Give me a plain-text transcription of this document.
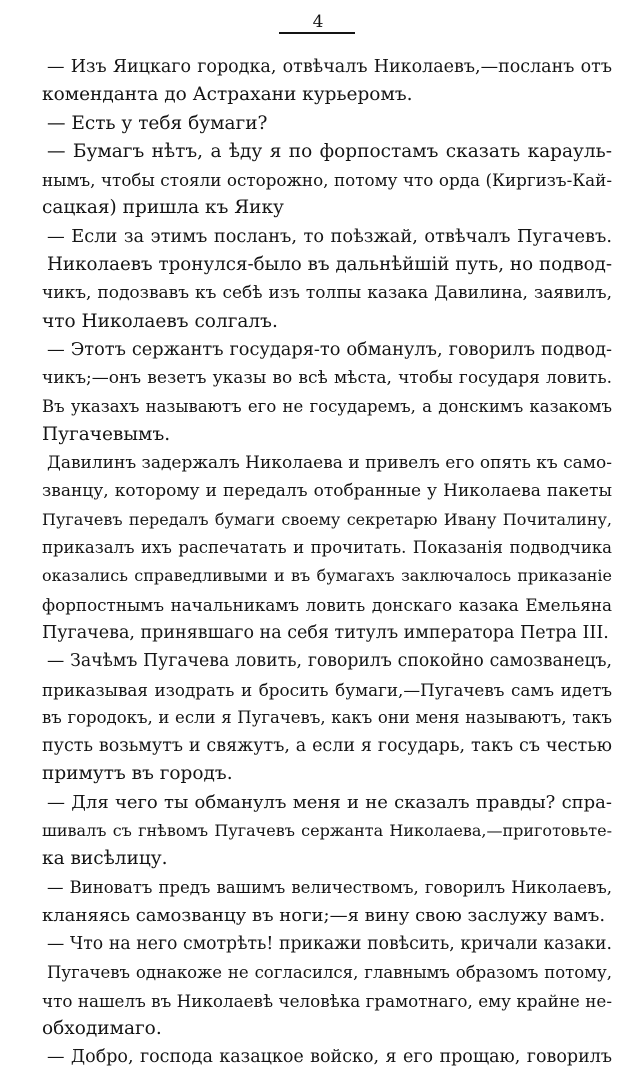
4
— Изъ Яицкаго городка, отвѣчалъ Николаевъ,—посланъ отъ
коменданта до Астрахани курьеромъ.
— Есть у тебя бумаги?
— Бумагъ нѣтъ, а ѣду я по форпостамъ сказать карауль-
нымъ, чтобы стояли осторожно, потому что орда (Киргизъ-Кай-
сацкая) пришла къ Яику
— Если за этимъ посланъ, то поѣзжай, отвѣчалъ Пугачевъ.
Николаевъ тронулся-было въ дальнѣйшій путь, но подвод-
чикъ, подозвавъ къ себѣ изъ толпы казака Давилина, заявилъ,
что Николаевъ солгалъ.
— Этотъ сержантъ государя-то обманулъ, говорилъ подвод-
чикъ;—онъ везетъ указы во всѣ мѣста, чтобы государя ловить.
Въ указахъ называютъ его не государемъ, а донскимъ казакомъ
Пугачевымъ.
Давилинъ задержалъ Николаева и привелъ его опять къ само-
званцу, которому и передалъ отобранные у Николаева пакеты
Пугачевъ передалъ бумаги своему секретарю Ивану Почиталину,
приказалъ ихъ распечатать и прочитать. Показанія подводчика
оказались справедливыми и въ бумагахъ заключалось приказаніе
форпостнымъ начальникамъ ловить донскаго казака Емельяна
Пугачева, принявшаго на себя титулъ императора Петра III.
— Зачѣмъ Пугачева ловить, говорилъ спокойно самозванецъ,
приказывая изодрать и бросить бумаги,—Пугачевъ самъ идетъ
въ городокъ, и если я Пугачевъ, какъ они меня называютъ, такъ
пусть возьмутъ и свяжутъ, а если я государь, такъ съ честью
примутъ въ городъ.
— Для чего ты обманулъ меня и не сказалъ правды? спра-
шивалъ съ гнѣвомъ Пугачевъ сержанта Николаева,—приготовьте-
ка висѣлицу.
— Виноватъ предъ вашимъ величествомъ, говорилъ Николаевъ,
кланяясь самозванцу въ ноги;—я вину свою заслужу вамъ.
— Что на него смотрѣть! прикажи повѣсить, кричали казаки.
Пугачевъ однакоже не согласился, главнымъ образомъ потому,
что нашелъ въ Николаевѣ человѣка грамотнаго, ему крайне не-
обходимаго.
— Добро, господа казацкое войско, я его прощаю, говорилъ
